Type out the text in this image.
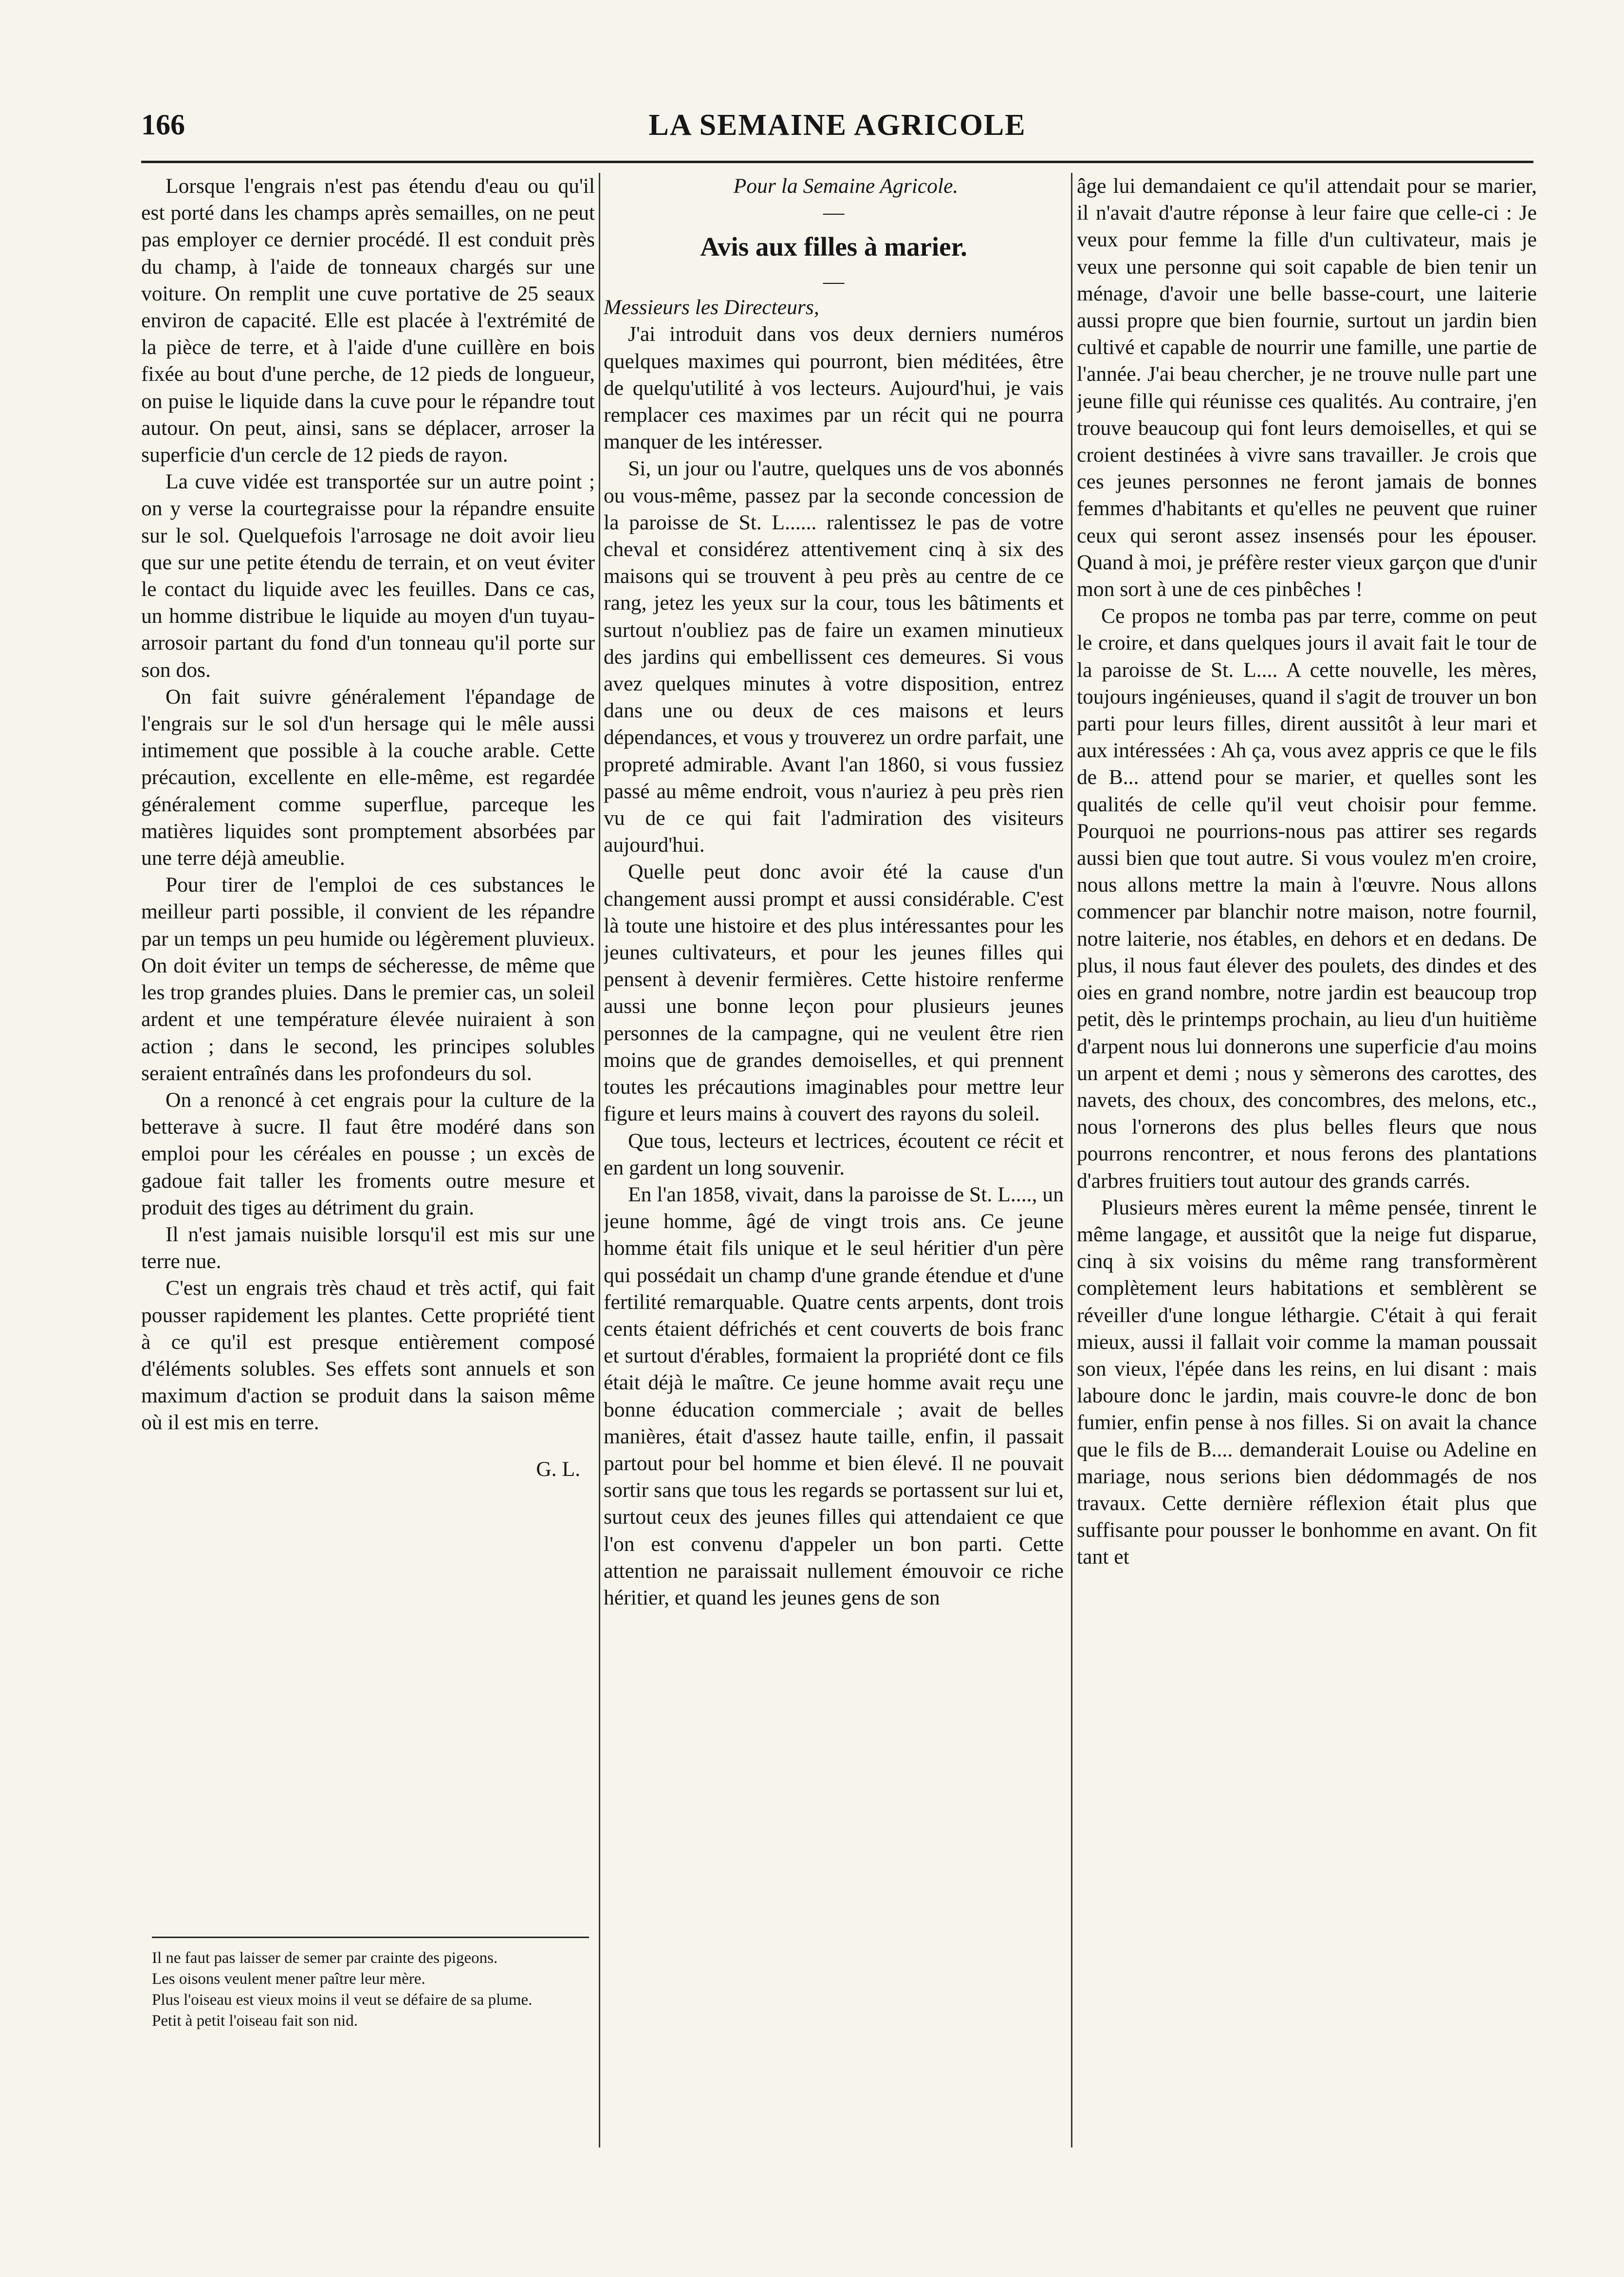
166	LA SEMAINE AGRICOLE

Lorsque l'engrais n'est pas étendu d'eau ou qu'il est porté dans les champs après semailles, on ne peut pas employer ce dernier procédé. Il est conduit près du champ, à l'aide de tonneaux chargés sur une voiture. On remplit une cuve portative de 25 seaux environ de capacité. Elle est placée à l'extrémité de la pièce de terre, et à l'aide d'une cuillère en bois fixée au bout d'une perche, de 12 pieds de longueur, on puise le liquide dans la cuve pour le répandre tout autour. On peut, ainsi, sans se déplacer, arroser la superficie d'un cercle de 12 pieds de rayon.

La cuve vidée est transportée sur un autre point ; on y verse la courtegraisse pour la répandre ensuite sur le sol. Quelquefois l'arrosage ne doit avoir lieu que sur une petite étendu de terrain, et on veut éviter le contact du liquide avec les feuilles. Dans ce cas, un homme distribue le liquide au moyen d'un tuyau-arrosoir partant du fond d'un tonneau qu'il porte sur son dos.

On fait suivre généralement l'épandage de l'engrais sur le sol d'un hersage qui le mêle aussi intimement que possible à la couche arable. Cette précaution, excellente en elle-même, est regardée généralement comme superflue, parceque les matières liquides sont promptement absorbées par une terre déjà ameublie.

Pour tirer de l'emploi de ces substances le meilleur parti possible, il convient de les répandre par un temps un peu humide ou légèrement pluvieux. On doit éviter un temps de sécheresse, de même que les trop grandes pluies. Dans le premier cas, un soleil ardent et une température élevée nuiraient à son action ; dans le second, les principes solubles seraient entraînés dans les profondeurs du sol.

On a renoncé à cet engrais pour la culture de la betterave à sucre. Il faut être modéré dans son emploi pour les céréales en pousse ; un excès de gadoue fait taller les froments outre mesure et produit des tiges au détriment du grain.

Il n'est jamais nuisible lorsqu'il est mis sur une terre nue.

C'est un engrais très chaud et très actif, qui fait pousser rapidement les plantes. Cette propriété tient à ce qu'il est presque entièrement composé d'éléments solubles. Ses effets sont annuels et son maximum d'action se produit dans la saison même où il est mis en terre.

G. L.

Il ne faut pas laisser de semer par crainte des pigeons.

Les oisons veulent mener paître leur mère.

Plus l'oiseau est vieux moins il veut se défaire de sa plume.

Petit à petit l'oiseau fait son nid.

Pour la Semaine Agricole.

—
Avis aux filles à marier.
—

Messieurs les Directeurs,

J'ai introduit dans vos deux derniers numéros quelques maximes qui pourront, bien méditées, être de quelqu'utilité à vos lecteurs. Aujourd'hui, je vais remplacer ces maximes par un récit qui ne pourra manquer de les intéresser.

Si, un jour ou l'autre, quelques uns de vos abonnés ou vous-même, passez par la seconde concession de la paroisse de St. L...... ralentissez le pas de votre cheval et considérez attentivement cinq à six des maisons qui se trouvent à peu près au centre de ce rang, jetez les yeux sur la cour, tous les bâtiments et surtout n'oubliez pas de faire un examen minutieux des jardins qui embellissent ces demeures. Si vous avez quelques minutes à votre disposition, entrez dans une ou deux de ces maisons et leurs dépendances, et vous y trouverez un ordre parfait, une propreté admirable. Avant l'an 1860, si vous fussiez passé au même endroit, vous n'auriez à peu près rien vu de ce qui fait l'admiration des visiteurs aujourd'hui.

Quelle peut donc avoir été la cause d'un changement aussi prompt et aussi considérable. C'est là toute une histoire et des plus intéressantes pour les jeunes cultivateurs, et pour les jeunes filles qui pensent à devenir fermières. Cette histoire renferme aussi une bonne leçon pour plusieurs jeunes personnes de la campagne, qui ne veulent être rien moins que de grandes demoiselles, et qui prennent toutes les précautions imaginables pour mettre leur figure et leurs mains à couvert des rayons du soleil.

Que tous, lecteurs et lectrices, écoutent ce récit et en gardent un long souvenir.

En l'an 1858, vivait, dans la paroisse de St. L...., un jeune homme, âgé de vingt trois ans. Ce jeune homme était fils unique et le seul héritier d'un père qui possédait un champ d'une grande étendue et d'une fertilité remarquable. Quatre cents arpents, dont trois cents étaient défrichés et cent couverts de bois franc et surtout d'érables, formaient la propriété dont ce fils était déjà le maître. Ce jeune homme avait reçu une bonne éducation commerciale ; avait de belles manières, était d'assez haute taille, enfin, il passait partout pour bel homme et bien élevé. Il ne pouvait sortir sans que tous les regards se portassent sur lui et, surtout ceux des jeunes filles qui attendaient ce que l'on est convenu d'appeler un bon parti. Cette attention ne paraissait nullement émouvoir ce riche héritier, et quand les jeunes gens de son

âge lui demandaient ce qu'il attendait pour se marier, il n'avait d'autre réponse à leur faire que celle-ci : Je veux pour femme la fille d'un cultivateur, mais je veux une personne qui soit capable de bien tenir un ménage, d'avoir une belle basse-court, une laiterie aussi propre que bien fournie, surtout un jardin bien cultivé et capable de nourrir une famille, une partie de l'année. J'ai beau chercher, je ne trouve nulle part une jeune fille qui réunisse ces qualités. Au contraire, j'en trouve beaucoup qui font leurs demoiselles, et qui se croient destinées à vivre sans travailler. Je crois que ces jeunes personnes ne feront jamais de bonnes femmes d'habitants et qu'elles ne peuvent que ruiner ceux qui seront assez insensés pour les épouser. Quand à moi, je préfère rester vieux garçon que d'unir mon sort à une de ces pinbêches !

Ce propos ne tomba pas par terre, comme on peut le croire, et dans quelques jours il avait fait le tour de la paroisse de St. L.... A cette nouvelle, les mères, toujours ingénieuses, quand il s'agit de trouver un bon parti pour leurs filles, dirent aussitôt à leur mari et aux intéressées : Ah ça, vous avez appris ce que le fils de B... attend pour se marier, et quelles sont les qualités de celle qu'il veut choisir pour femme. Pourquoi ne pourrions-nous pas attirer ses regards aussi bien que tout autre. Si vous voulez m'en croire, nous allons mettre la main à l'œuvre. Nous allons commencer par blanchir notre maison, notre fournil, notre laiterie, nos étables, en dehors et en dedans. De plus, il nous faut élever des poulets, des dindes et des oies en grand nombre, notre jardin est beaucoup trop petit, dès le printemps prochain, au lieu d'un huitième d'arpent nous lui donnerons une superficie d'au moins un arpent et demi ; nous y sèmerons des carottes, des navets, des choux, des concombres, des melons, etc., nous l'ornerons des plus belles fleurs que nous pourrons rencontrer, et nous ferons des plantations d'arbres fruitiers tout autour des grands carrés.

Plusieurs mères eurent la même pensée, tinrent le même langage, et aussitôt que la neige fut disparue, cinq à six voisins du même rang transformèrent complètement leurs habitations et semblèrent se réveiller d'une longue léthargie. C'était à qui ferait mieux, aussi il fallait voir comme la maman poussait son vieux, l'épée dans les reins, en lui disant : mais laboure donc le jardin, mais couvre-le donc de bon fumier, enfin pense à nos filles. Si on avait la chance que le fils de B.... demanderait Louise ou Adeline en mariage, nous serions bien dédommagés de nos travaux. Cette dernière réflexion était plus que suffisante pour pousser le bonhomme en avant. On fit tant et
